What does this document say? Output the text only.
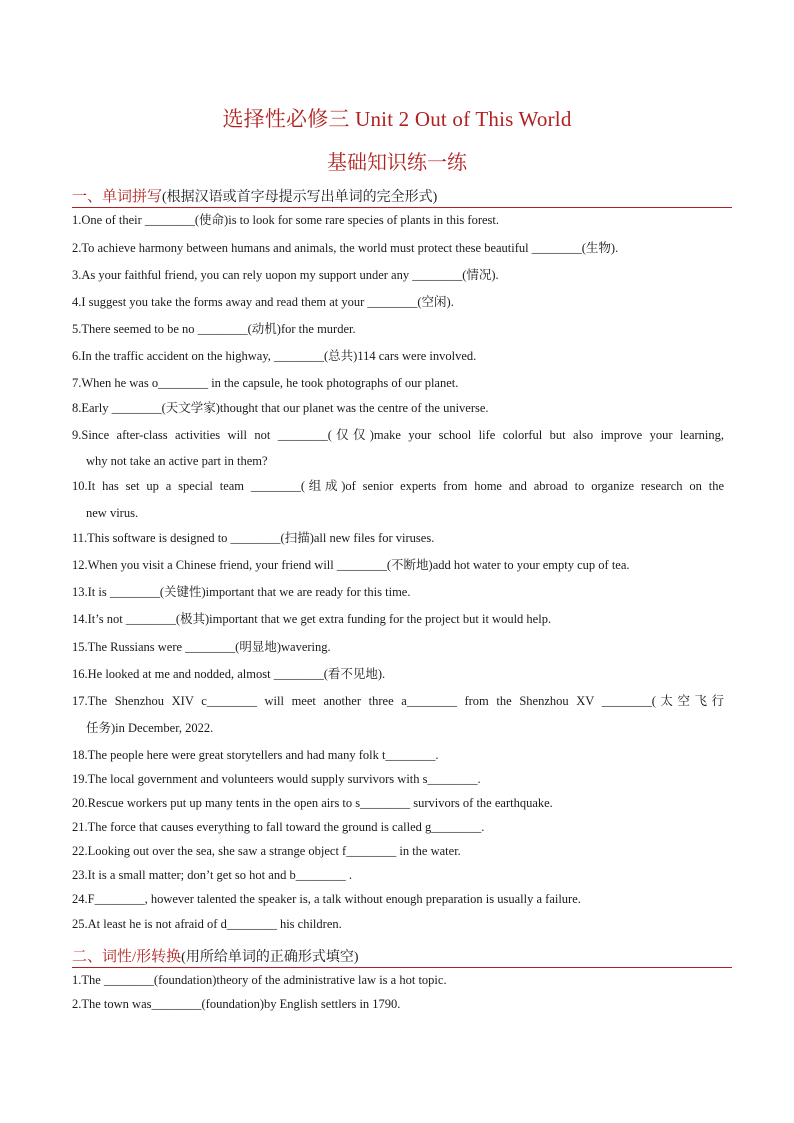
选择性必修三 Unit 2 Out of This World
基础知识练一练
一、单词拼写(根据汉语或首字母提示写出单词的完全形式)
1.One of their ________(使命)is to look for some rare species of plants in this forest.
2.To achieve harmony between humans and animals, the world must protect these beautiful ________(生物).
3.As your faithful friend, you can rely uopon my support under any ________(情况).
4.I suggest you take the forms away and read them at your ________(空闲).
5.There seemed to be no ________(动机)for the murder.
6.In the traffic accident on the highway, ________(总共)114 cars were involved.
7.When he was o________ in the capsule, he took photographs of our planet.
8.Early ________(天文学家)thought that our planet was the centre of the universe.
9.Since after-class activities will not ________(仅仅)make your school life colorful but also improve your learning,
why not take an active part in them?
10.It has set up a special team ________(组成)of senior experts from home and abroad to organize research on the
new virus.
11.This software is designed to ________(扫描)all new files for viruses.
12.When you visit a Chinese friend, your friend will ________(不断地)add hot water to your empty cup of tea.
13.It is ________(关键性)important that we are ready for this time.
14.It’s not ________(极其)important that we get extra funding for the project but it would help.
15.The Russians were ________(明显地)wavering.
16.He looked at me and nodded, almost ________(看不见地).
17.The Shenzhou XIV c________ will meet another three a________ from the Shenzhou XV ________(太空飞行
任务)in December, 2022.
18.The people here were great storytellers and had many folk t________.
19.The local government and volunteers would supply survivors with s________.
20.Rescue workers put up many tents in the open airs to s________ survivors of the earthquake.
21.The force that causes everything to fall toward the ground is called g________.
22.Looking out over the sea, she saw a strange object f________ in the water.
23.It is a small matter; don’t get so hot and b________ .
24.F________, however talented the speaker is, a talk without enough preparation is usually a failure.
25.At least he is not afraid of d________ his children.
二、词性/形转换(用所给单词的正确形式填空)
1.The ________(foundation)theory of the administrative law is a hot topic.
2.The town was________(foundation)by English settlers in 1790.
